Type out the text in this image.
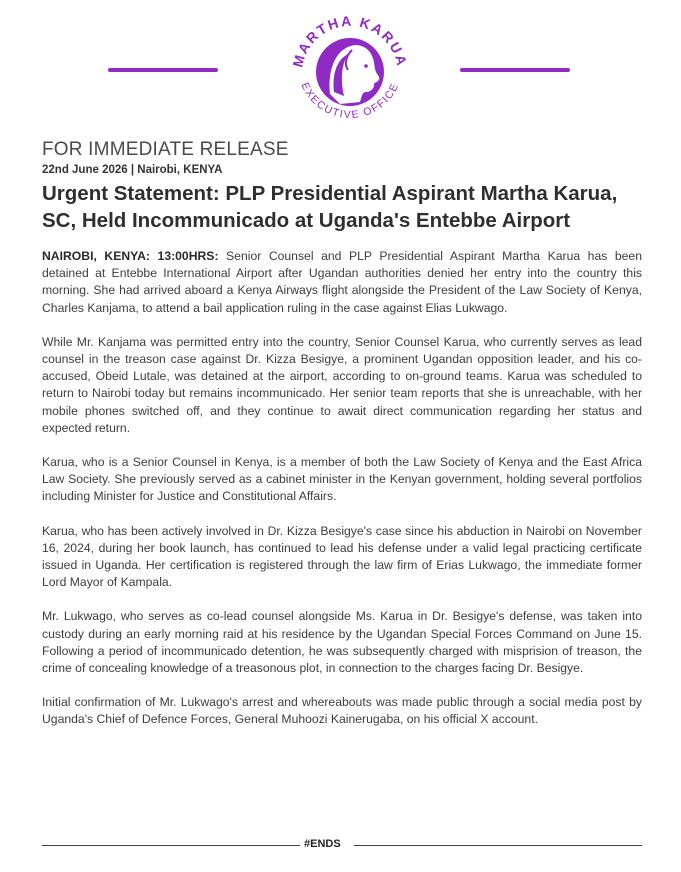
MARTHA KARUA
EXECUTIVE OFFICE
FOR IMMEDIATE RELEASE
22nd June 2026 | Nairobi, KENYA
Urgent Statement: PLP Presidential Aspirant Martha Karua,
SC, Held Incommunicado at Uganda's Entebbe Airport

NAIROBI, KENYA: 13:00HRS: Senior Counsel and PLP Presidential Aspirant Martha Karua has been detained at Entebbe International Airport after Ugandan authorities denied her entry into the country this morning. She had arrived aboard a Kenya Airways flight alongside the President of the Law Society of Kenya, Charles Kanjama, to attend a bail application ruling in the case against Elias Lukwago.

While Mr. Kanjama was permitted entry into the country, Senior Counsel Karua, who currently serves as lead counsel in the treason case against Dr. Kizza Besigye, a prominent Ugandan opposition leader, and his co-accused, Obeid Lutale, was detained at the airport, according to on-ground teams. Karua was scheduled to return to Nairobi today but remains incommunicado. Her senior team reports that she is unreachable, with her mobile phones switched off, and they continue to await direct communication regarding her status and expected return.

Karua, who is a Senior Counsel in Kenya, is a member of both the Law Society of Kenya and the East Africa Law Society. She previously served as a cabinet minister in the Kenyan government, holding several portfolios including Minister for Justice and Constitutional Affairs.

Karua, who has been actively involved in Dr. Kizza Besigye's case since his abduction in Nairobi on November 16, 2024, during her book launch, has continued to lead his defense under a valid legal practicing certificate issued in Uganda. Her certification is registered through the law firm of Erias Lukwago, the immediate former Lord Mayor of Kampala.

Mr. Lukwago, who serves as co-lead counsel alongside Ms. Karua in Dr. Besigye's defense, was taken into custody during an early morning raid at his residence by the Ugandan Special Forces Command on June 15. Following a period of incommunicado detention, he was subsequently charged with misprision of treason, the crime of concealing knowledge of a treasonous plot, in connection to the charges facing Dr. Besigye.

Initial confirmation of Mr. Lukwago's arrest and whereabouts was made public through a social media post by Uganda's Chief of Defence Forces, General Muhoozi Kainerugaba, on his official X account.

#ENDS
